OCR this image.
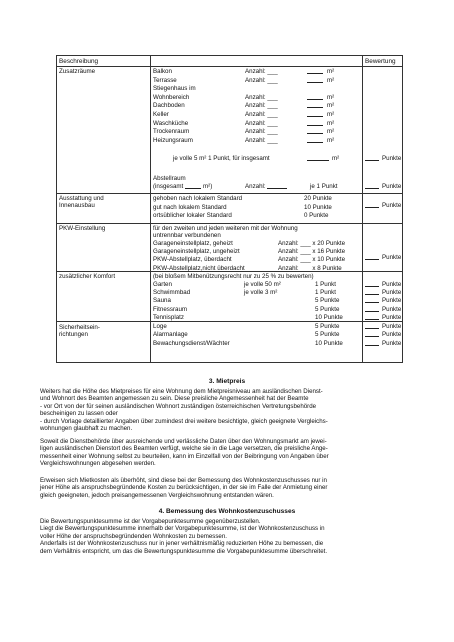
Beschreibung	Bewertung
Zusatzräume	Balkon	Anzahl: ___	m²
Terrasse	Anzahl: ___	m²
Stiegenhaus im
Wohnbereich	Anzahl: ___	m²
Dachboden	Anzahl: ___	m²
Keller	Anzahl: ___	m²
Waschküche	Anzahl: ___	m²
Trockenraum	Anzahl: ___	m²
Heizungsraum	Anzahl: ___	m²
je volle 5 m² 1 Punkt, für insgesamt	m²	Punkte
Abstellraum
(insgesamt	m²)	Anzahl:	je 1 Punkt	Punkte
Ausstattung und
Innenausbau
gehoben nach lokalem Standard	20 Punkte
gut nach lokalem Standard	10 Punkte
ortsüblicher lokaler Standard	0 Punkte
Punkte
PKW-Einstellung	für den zweiten und jeden weiteren mit der Wohnung
untrennbar verbundenen
Garageneinstellplatz, geheizt	Anzahl: ___ x 20 Punkte
Garageneinstellplatz, ungeheizt	Anzahl: ___ x 16 Punkte
PKW-Abstellplatz, überdacht	Anzahl: ___ x 10 Punkte
PKW-Abstellplatz,nicht überdacht	Anzahl: ___ x 8 Punkte
Punkte
zusätzlicher Komfort	(bei bloßem Mitbenützungsrecht nur zu 25 % zu bewerten)
Garten	je volle 50 m²	1 Punkt	Punkte
Schwimmbad	je volle 3 m²	1 Punkt	Punkte
Sauna	5 Punkte	Punkte
Fitnessraum	5 Punkte	Punkte
Tennisplatz	10 Punkte	Punkte
Sicherheitsein-
richtungen
Loge	5 Punkte	Punkte
Alarmanlage	5 Punkte	Punkte
Bewachungsdienst/Wächter	10 Punkte	Punkte
3. Mietpreis
Weiters hat die Höhe des Mietpreises für eine Wohnung dem Mietpreisniveau am ausländischen Dienst-
und Wohnort des Beamten angemessen zu sein. Diese preisliche Angemessenheit hat der Beamte
- vor Ort von der für seinen ausländischen Wohnort zuständigen österreichischen Vertretungsbehörde
bescheinigen zu lassen oder
- durch Vorlage detaillierter Angaben über zumindest drei weitere besichtigte, gleich geeignete Vergleichs-
wohnungen glaubhaft zu machen.
Soweit die Dienstbehörde über ausreichende und verlässliche Daten über den Wohnungsmarkt am jewei-
ligen ausländischen Dienstort des Beamten verfügt, welche sie in die Lage versetzen, die preisliche Ange-
messenheit einer Wohnung selbst zu beurteilen, kann im Einzelfall von der Beibringung von Angaben über
Vergleichswohnungen abgesehen werden.
Erweisen sich Mietkosten als überhöht, sind diese bei der Bemessung des Wohnkostenzuschusses nur in
jener Höhe als anspruchsbegründende Kosten zu berücksichtigen, in der sie im Falle der Anmietung einer
gleich geeigneten, jedoch preisangemessenen Vergleichswohnung entstanden wären.
4. Bemessung des Wohnkostenzuschusses
Die Bewertungspunktesumme ist der Vorgabepunktesumme gegenüberzustellen.
Liegt die Bewertungspunktesumme innerhalb der Vorgabepunktesumme, ist der Wohnkostenzuschuss in
voller Höhe der anspruchsbegründenden Wohnkosten zu bemessen.
Anderfalls ist der Wohnkostenzuschuss nur in jener verhältnismäßig reduzierten Höhe zu bemessen, die
dem Verhältnis entspricht, um das die Bewertungspunktesumme die Vorgabepunktesumme überschreitet.
